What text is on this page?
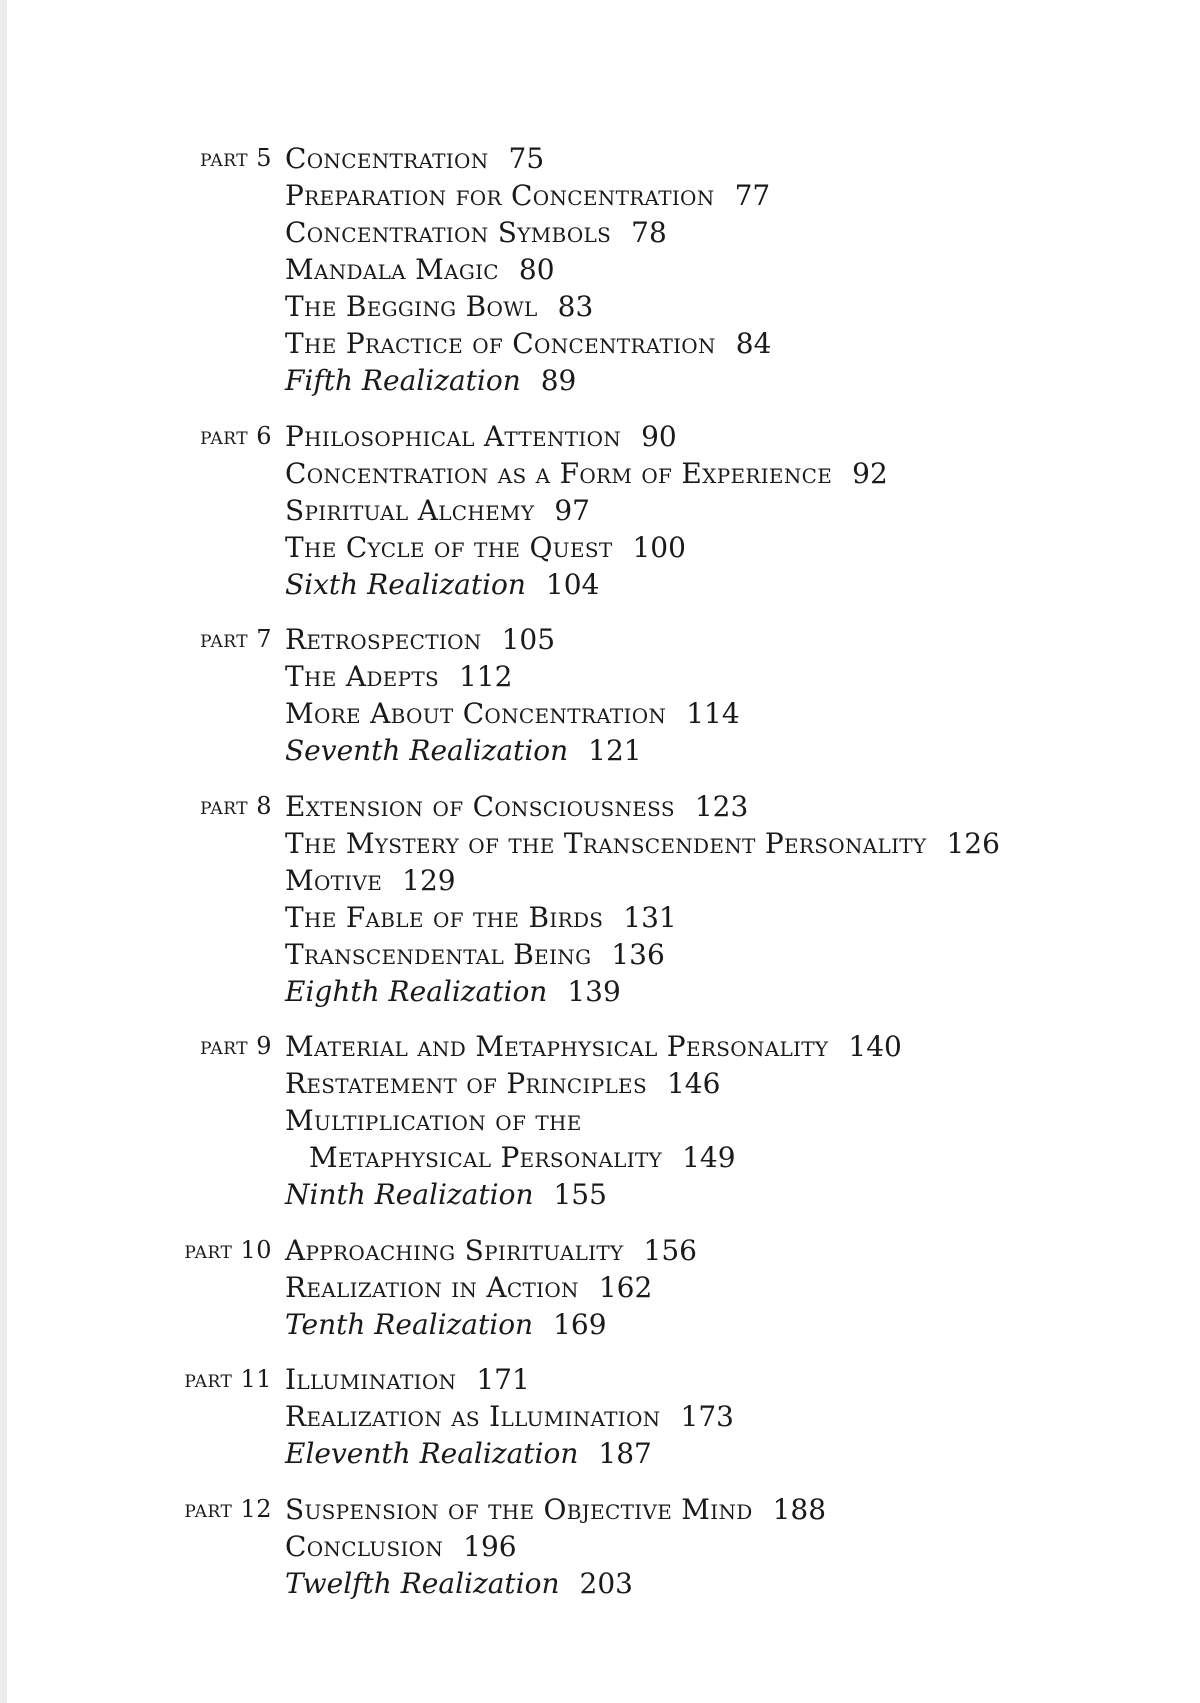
part 5 Concentration 75
Preparation for Concentration 77
Concentration Symbols 78
Mandala Magic 80
The Begging Bowl 83
The Practice of Concentration 84
Fifth Realization 89
part 6 Philosophical Attention 90
Concentration as a Form of Experience 92
Spiritual Alchemy 97
The Cycle of the Quest 100
Sixth Realization 104
part 7 Retrospection 105
The Adepts 112
More About Concentration 114
Seventh Realization 121
part 8 Extension of Consciousness 123
The Mystery of the Transcendent Personality 126
Motive 129
The Fable of the Birds 131
Transcendental Being 136
Eighth Realization 139
part 9 Material and Metaphysical Personality 140
Restatement of Principles 146
Multiplication of the
Metaphysical Personality 149
Ninth Realization 155
part 10 Approaching Spirituality 156
Realization in Action 162
Tenth Realization 169
part 11 Illumination 171
Realization as Illumination 173
Eleventh Realization 187
part 12 Suspension of the Objective Mind 188
Conclusion 196
Twelfth Realization 203
